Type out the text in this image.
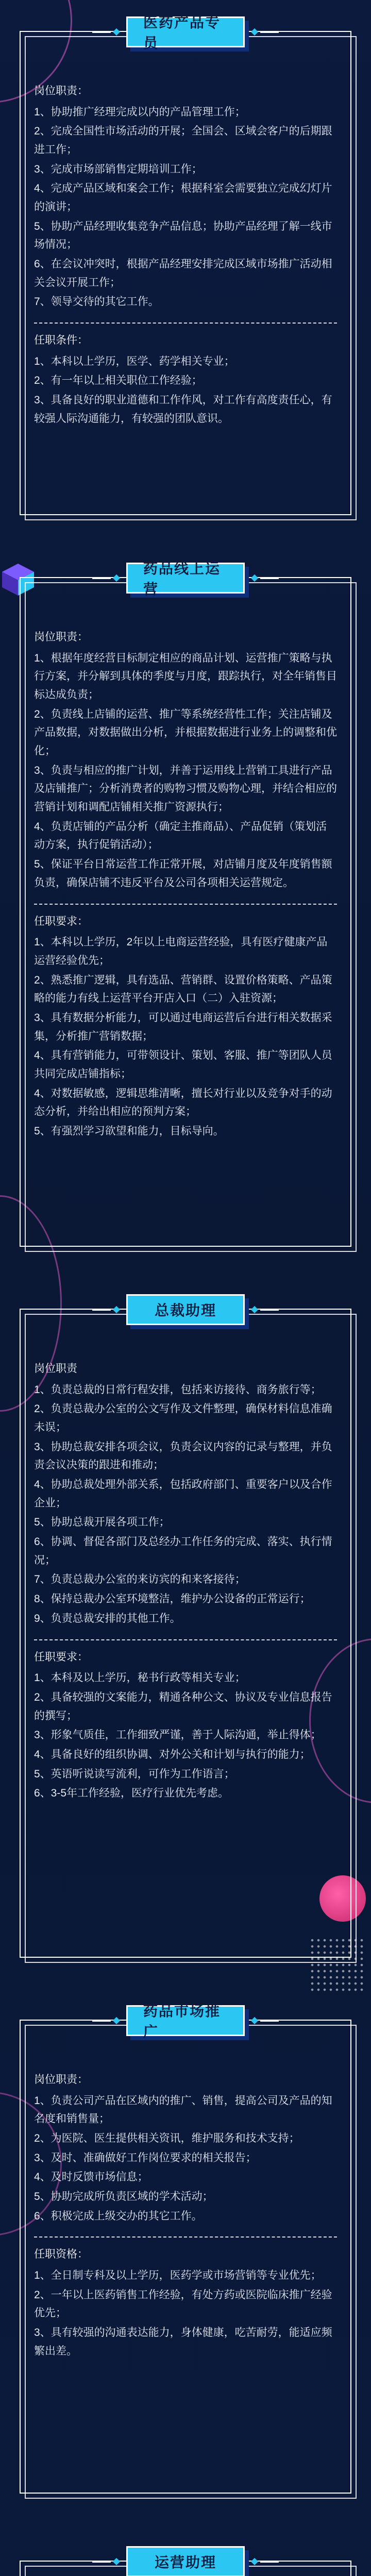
医药产品专员
岗位职责：
1、协助推广经理完成以内的产品管理工作；
2、完成全国性市场活动的开展；全国会、区域会客户的后期跟进工作；
3、完成市场部销售定期培训工作；
4、完成产品区域和案会工作；根据科室会需要独立完成幻灯片的演讲；
5、协助产品经理收集竞争产品信息；协助产品经理了解一线市场情况；
6、在会议冲突时，根据产品经理安排完成区域市场推广活动相关会议开展工作；
7、领导交待的其它工作。
任职条件：
1、本科以上学历，医学、药学相关专业；
2、有一年以上相关职位工作经验；
3、具备良好的职业道德和工作作风，对工作有高度责任心，有较强人际沟通能力，有较强的团队意识。
药品线上运营
岗位职责：
1、根据年度经营目标制定相应的商品计划、运营推广策略与执行方案，并分解到具体的季度与月度，跟踪执行，对全年销售目标达成负责；
2、负责线上店铺的运营、推广等系统经营性工作；关注店铺及产品数据，对数据做出分析，并根据数据进行业务上的调整和优化；
3、负责与相应的推广计划，并善于运用线上营销工具进行产品及店铺推广；分析消费者的购物习惯及购物心理，并结合相应的营销计划和调配店铺相关推广资源执行；
4、负责店铺的产品分析（确定主推商品）、产品促销（策划活动方案，执行促销活动）；
5、保证平台日常运营工作正常开展，对店铺月度及年度销售额负责，确保店铺不违反平台及公司各项相关运营规定。
任职要求：
1、本科以上学历，2年以上电商运营经验，具有医疗健康产品运营经验优先；
2、熟悉推广逻辑，具有选品、营销群、设置价格策略、产品策略的能力有线上运营平台开店入口（二）入驻资源；
3、具有数据分析能力，可以通过电商运营后台进行相关数据采集，分析推广营销数据；
4、具有营销能力，可带领设计、策划、客服、推广等团队人员共同完成店铺指标；
4、对数据敏感，逻辑思维清晰，擅长对行业以及竞争对手的动态分析，并给出相应的预判方案；
5、有强烈学习欲望和能力，目标导向。
总裁助理
岗位职责
1、负责总裁的日常行程安排，包括来访接待、商务旅行等；
2、负责总裁办公室的公文写作及文件整理，确保材料信息准确未误；
3、协助总裁安排各项会议，负责会议内容的记录与整理，并负责会议决策的跟进和推动；
4、协助总裁处理外部关系，包括政府部门、重要客户以及合作企业；
5、协助总裁开展各项工作；
6、协调、督促各部门及总经办工作任务的完成、落实、执行情况；
7、负责总裁办公室的来访宾的和来客接待；
8、保持总裁办公室环境整洁，维护办公设备的正常运行；
9、负责总裁安排的其他工作。
任职要求：
1、本科及以上学历，秘书行政等相关专业；
2、具备较强的文案能力，精通各种公文、协议及专业信息报告的撰写；
3、形象气质佳，工作细致严谨，善于人际沟通，举止得体；
4、具备良好的组织协调、对外公关和计划与执行的能力；
5、英语听说读写流利，可作为工作语言；
6、3-5年工作经验，医疗行业优先考虑。
药品市场推广
岗位职责：
1、负责公司产品在区域内的推广、销售，提高公司及产品的知名度和销售量；
2、为医院、医生提供相关资讯，维护服务和技术支持；
3、及时、准确做好工作岗位要求的相关报告；
4、及时反馈市场信息；
5、协助完成所负责区域的学术活动；
6、积极完成上级交办的其它工作。
任职资格：
1、全日制专科及以上学历，医药学或市场营销等专业优先；
2、一年以上医药销售工作经验，有处方药或医院临床推广经验优先；
3、具有较强的沟通表达能力，身体健康，吃苦耐劳，能适应频繁出差。
运营助理
